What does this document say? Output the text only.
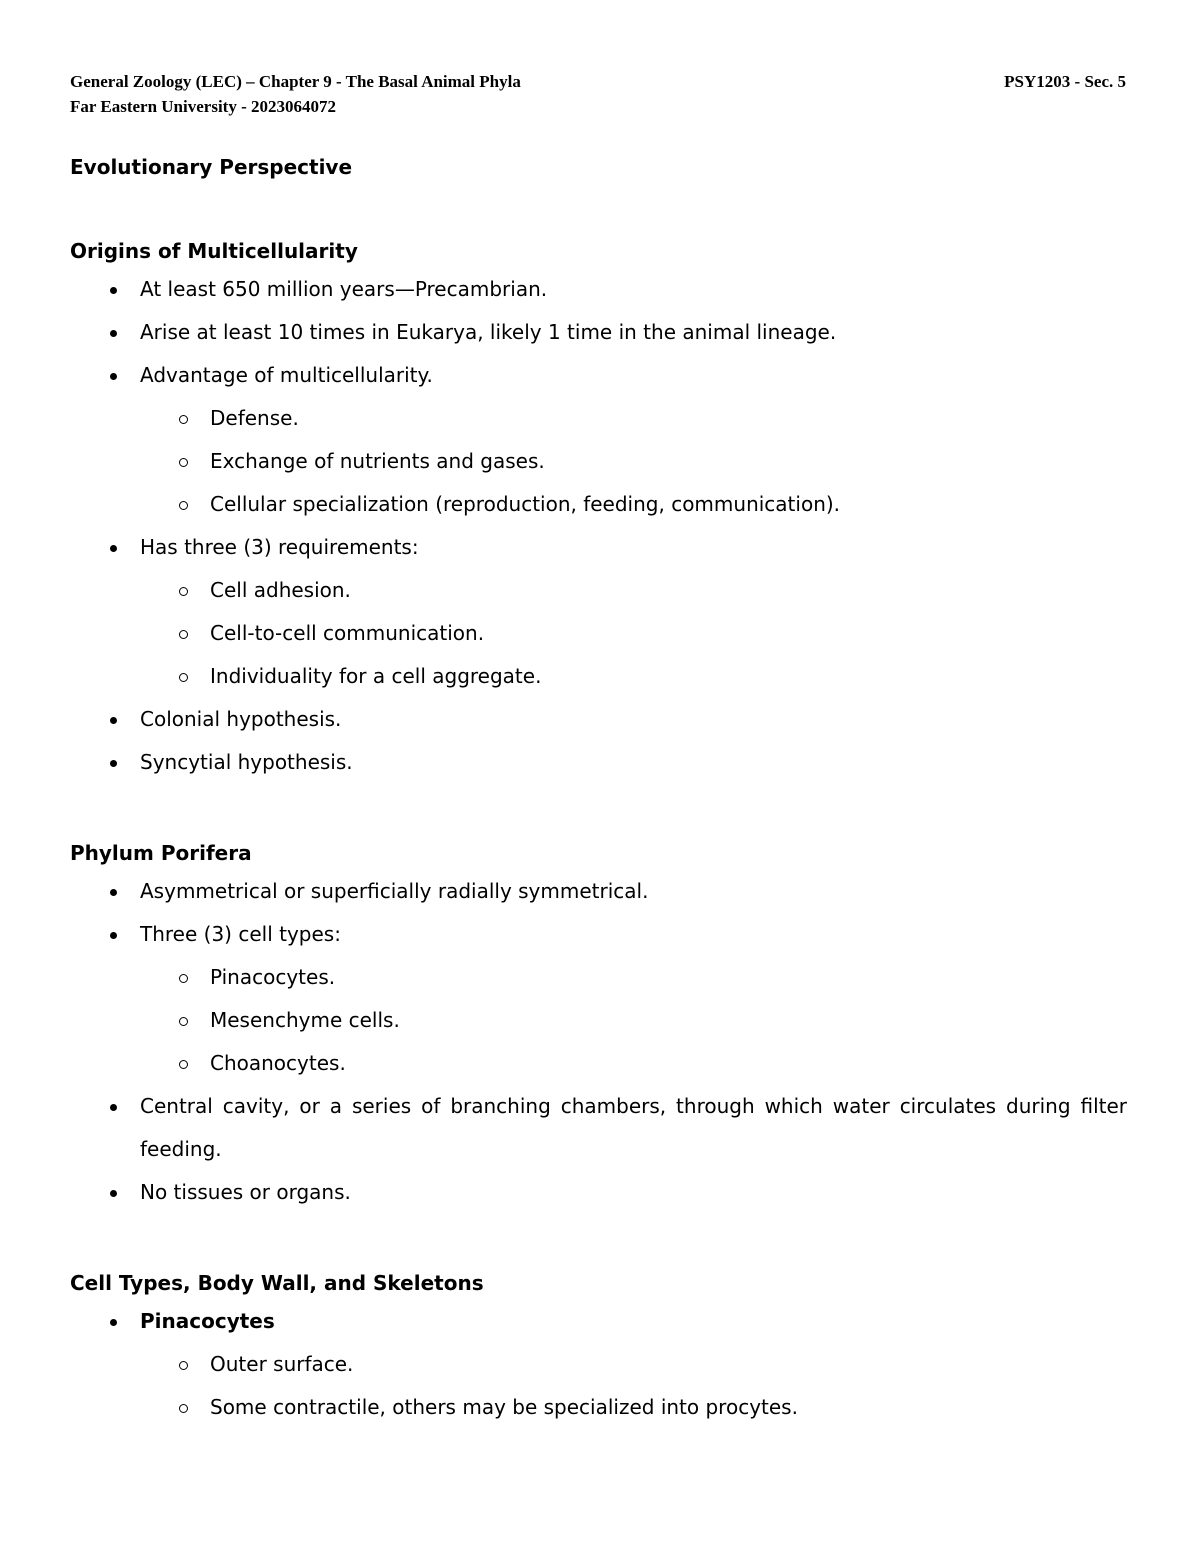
General Zoology (LEC) – Chapter 9 - The Basal Animal Phyla	PSY1203 - Sec. 5
Far Eastern University - 2023064072
Evolutionary Perspective
Origins of Multicellularity
At least 650 million years—Precambrian.
Arise at least 10 times in Eukarya, likely 1 time in the animal lineage.
Advantage of multicellularity.
Defense.
Exchange of nutrients and gases.
Cellular specialization (reproduction, feeding, communication).
Has three (3) requirements:
Cell adhesion.
Cell-to-cell communication.
Individuality for a cell aggregate.
Colonial hypothesis.
Syncytial hypothesis.
Phylum Porifera
Asymmetrical or superficially radially symmetrical.
Three (3) cell types:
Pinacocytes.
Mesenchyme cells.
Choanocytes.
Central cavity, or a series of branching chambers, through which water circulates during filter feeding.
No tissues or organs.
Cell Types, Body Wall, and Skeletons
Pinacocytes
Outer surface.
Some contractile, others may be specialized into procytes.
